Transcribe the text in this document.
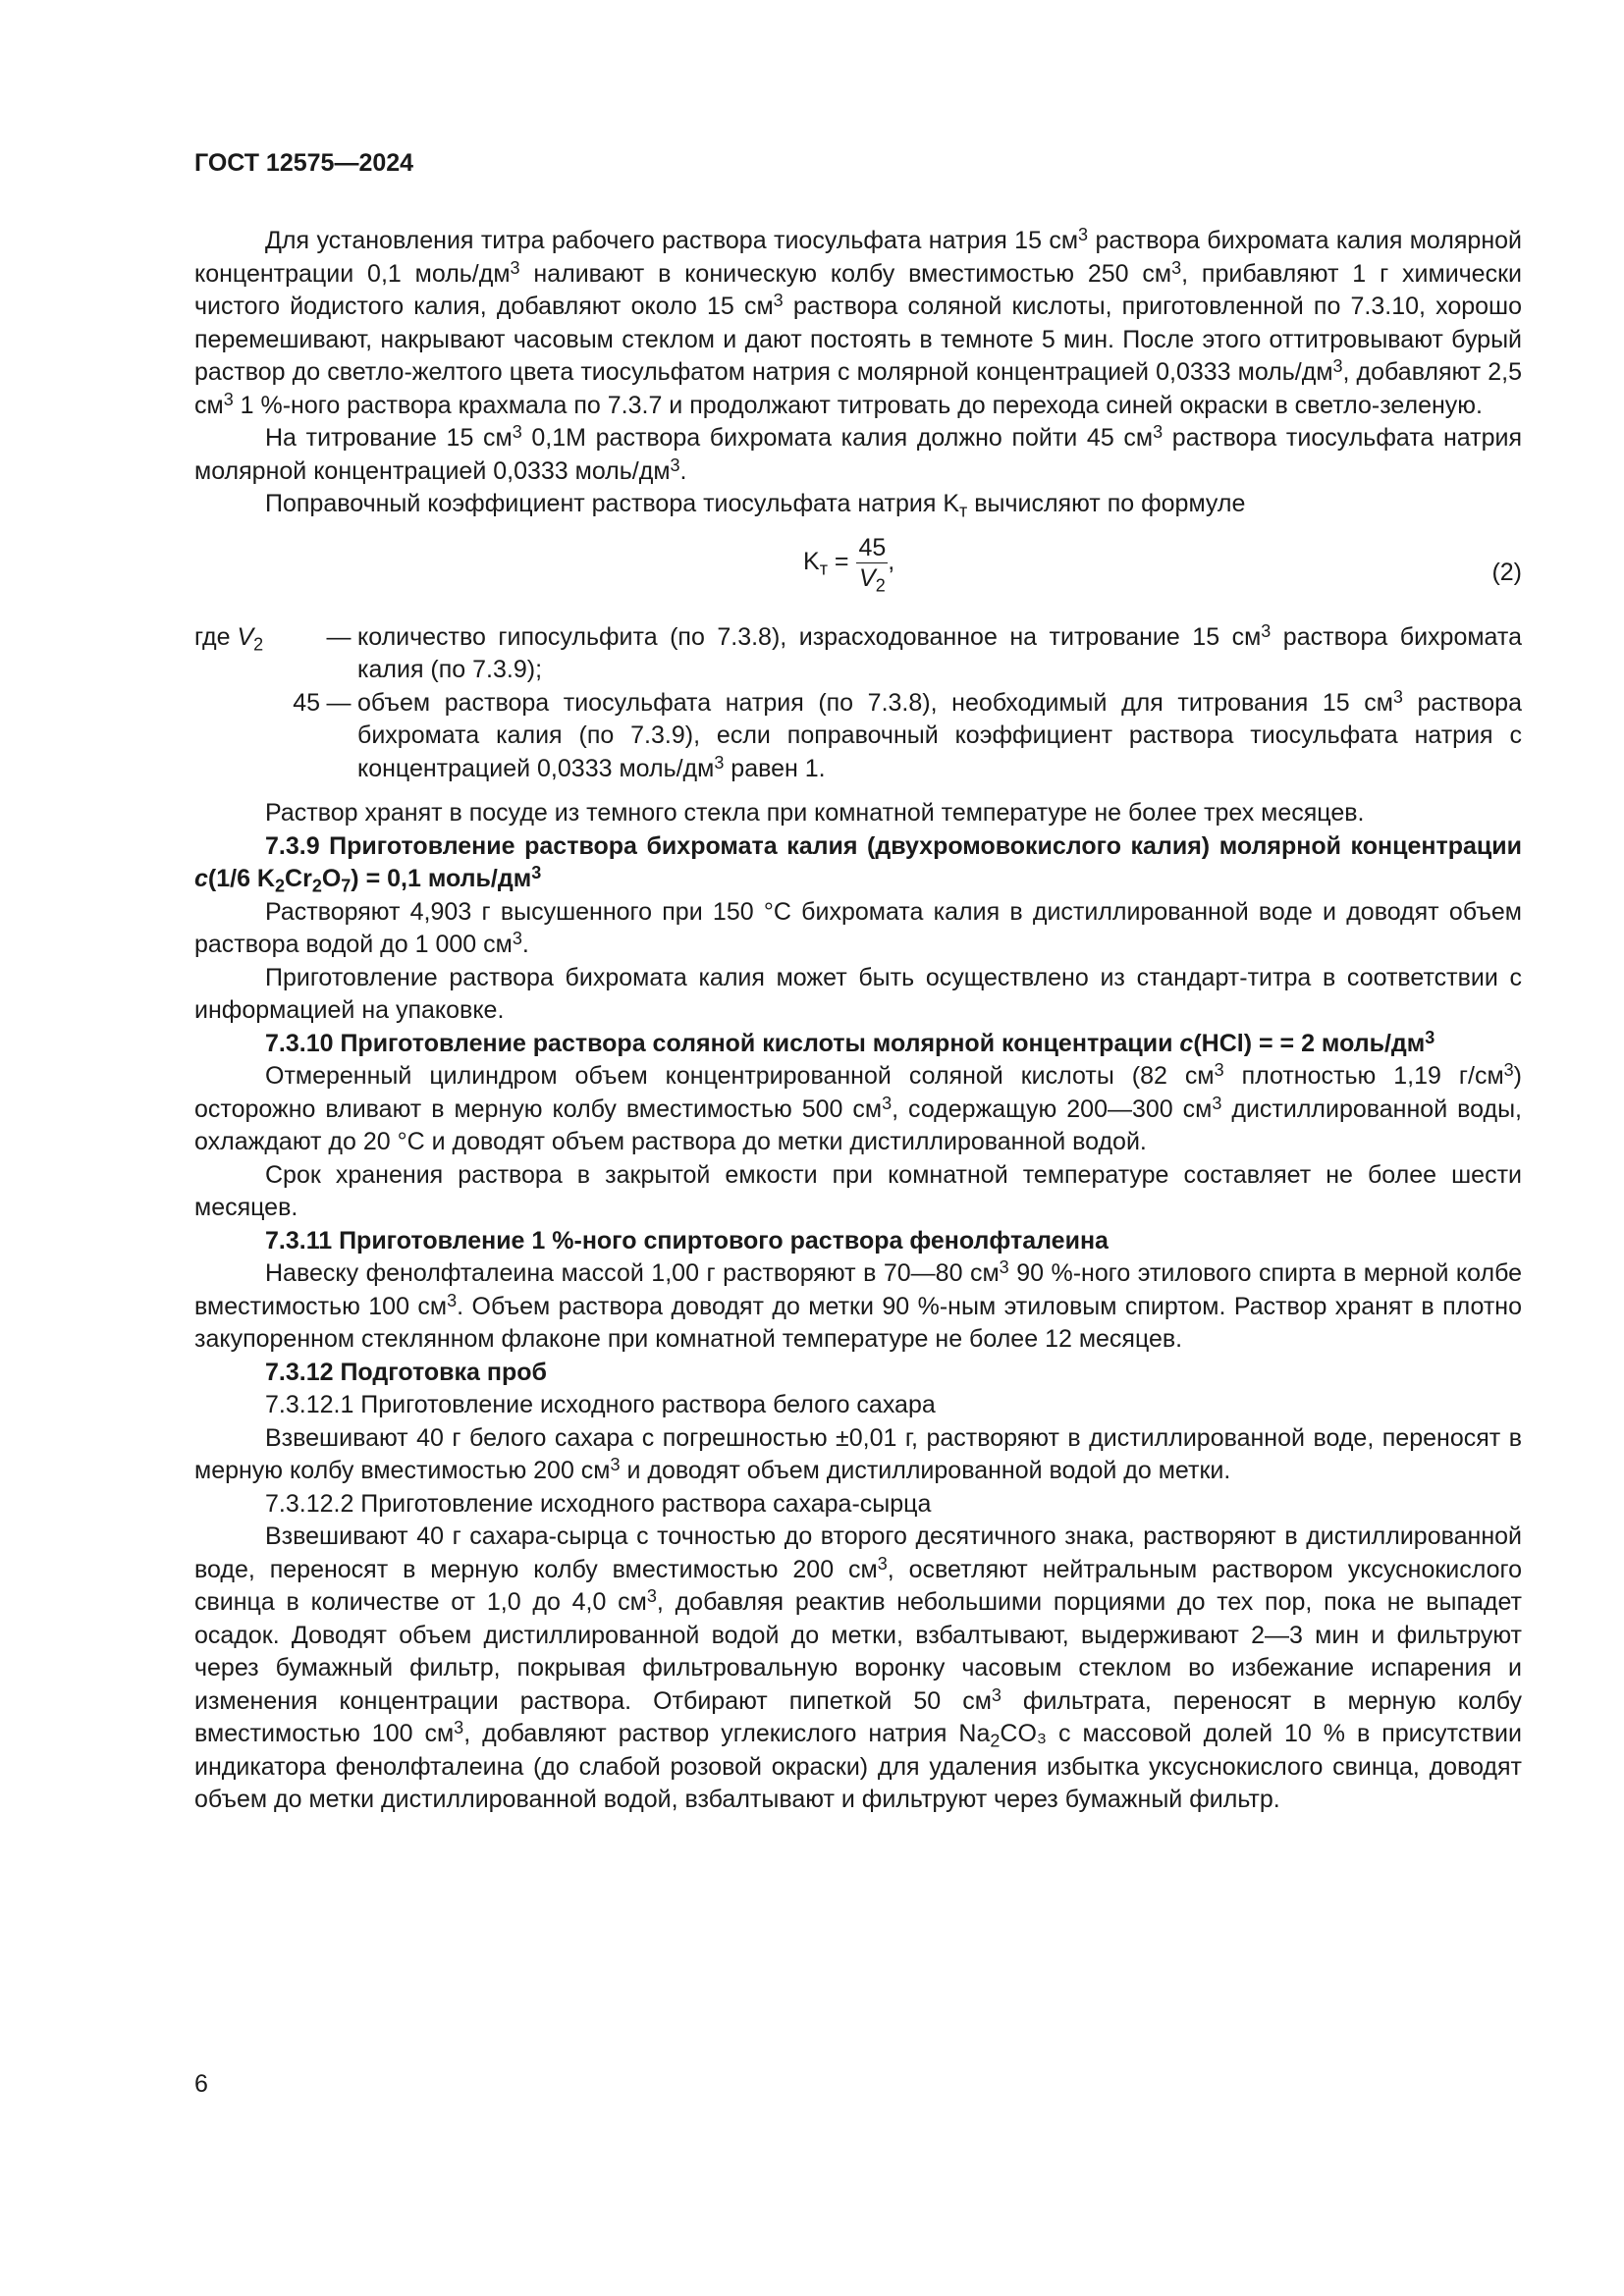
ГОСТ 12575—2024

Для установления титра рабочего раствора тиосульфата натрия 15 $см^3$ раствора бихромата калия молярной концентрации 0,1 моль/$дм^3$ наливают в коническую колбу вместимостью 250 $см^3$, прибавляют 1 г химически чистого йодистого калия, добавляют около 15 $см^3$ раствора соляной кислоты, приготовленной по 7.3.10, хорошо перемешивают, накрывают часовым стеклом и дают постоять в темноте 5 мин. После этого оттитровывают бурый раствор до светло-желтого цвета тиосульфатом натрия с молярной концентрацией 0,0333 моль/$дм^3$, добавляют 2,5 $см^3$ 1 %-ного раствора крахмала по 7.3.7 и продолжают титровать до перехода синей окраски в светло-зеленую.

На титрование 15 $см^3$ 0,1М раствора бихромата калия должно пойти 45 $см^3$ раствора тиосульфата натрия молярной концентрацией 0,0333 моль/$дм^3$.

Поправочный коэффициент раствора тиосульфата натрия $K_т$ вычисляют по формуле

$K_т = \frac{45}{V_2}$ ,	(2)
где $V_2$	— количество гипосульфита (по 7.3.8), израсходованное на титрование 15 $см^3$ раствора бихромата калия (по 7.3.9);
45 — объем раствора тиосульфата натрия (по 7.3.8), необходимый для титрования 15 $см^3$ раствора бихромата калия (по 7.3.9), если поправочный коэффициент раствора тиосульфата натрия с концентрацией 0,0333 моль/$дм^3$ равен 1.

Раствор хранят в посуде из темного стекла при комнатной температуре не более трех месяцев.

7.3.9 Приготовление раствора бихромата калия (двухромовокислого калия) молярной концентрации c(1/6 $K_2Cr_2O_7) = 0,1$ моль/$дм^3$

Растворяют 4,903 г высушенного при 150 °С бихромата калия в дистиллированной воде и доводят объем раствора водой до 1 000 $см^3$.

Приготовление раствора бихромата калия может быть осуществлено из стандарт-титра в соответствии с информацией на упаковке.

7.3.10 Приготовление раствора соляной кислоты молярной концентрации c(HCl) = = 2 моль/$дм^3$

Отмеренный цилиндром объем концентрированной соляной кислоты (82 $см^3$ плотностью 1,19 $г/см^3$) осторожно вливают в мерную колбу вместимостью 500 $см^3$, содержащую 200—300 $см^3$ дистиллированной воды, охлаждают до 20 °С и доводят объем раствора до метки дистиллированной водой.

Срок хранения раствора в закрытой емкости при комнатной температуре составляет не более шести месяцев.

7.3.11 Приготовление 1 %-ного спиртового раствора фенолфталеина

Навеску фенолфталеина массой 1,00 г растворяют в 70—80 $см^3$ 90 %-ного этилового спирта в мерной колбе вместимостью 100 $см^3$. Объем раствора доводят до метки 90 %-ным этиловым спиртом. Раствор хранят в плотно закупоренном стеклянном флаконе при комнатной температуре не более 12 месяцев.

7.3.12 Подготовка проб

7.3.12.1 Приготовление исходного раствора белого сахара

Взвешивают 40 г белого сахара с погрешностью ±0,01 г, растворяют в дистиллированной воде, переносят в мерную колбу вместимостью 200 $см^3$ и доводят объем дистиллированной водой до метки.

7.3.12.2 Приготовление исходного раствора сахара-сырца

Взвешивают 40 г сахара-сырца с точностью до второго десятичного знака, растворяют в дистиллированной воде, переносят в мерную колбу вместимостью 200 $см^3$, осветляют нейтральным раствором уксуснокислого свинца в количестве от 1,0 до 4,0 $см^3$, добавляя реактив небольшими порциями до тех пор, пока не выпадет осадок. Доводят объем дистиллированной водой до метки, взбалтывают, выдерживают 2—3 мин и фильтруют через бумажный фильтр, покрывая фильтровальную воронку часовым стеклом во избежание испарения и изменения концентрации раствора. Отбирают пипеткой 50 $см^3$ фильтрата, переносят в мерную колбу вместимостью 100 $см^3$, добавляют раствор углекислого натрия $Na_2CO_3$ с массовой долей 10 % в присутствии индикатора фенолфталеина (до слабой розовой окраски) для удаления избытка уксуснокислого свинца, доводят объем до метки дистиллированной водой, взбалтывают и фильтруют через бумажный фильтр.

6
